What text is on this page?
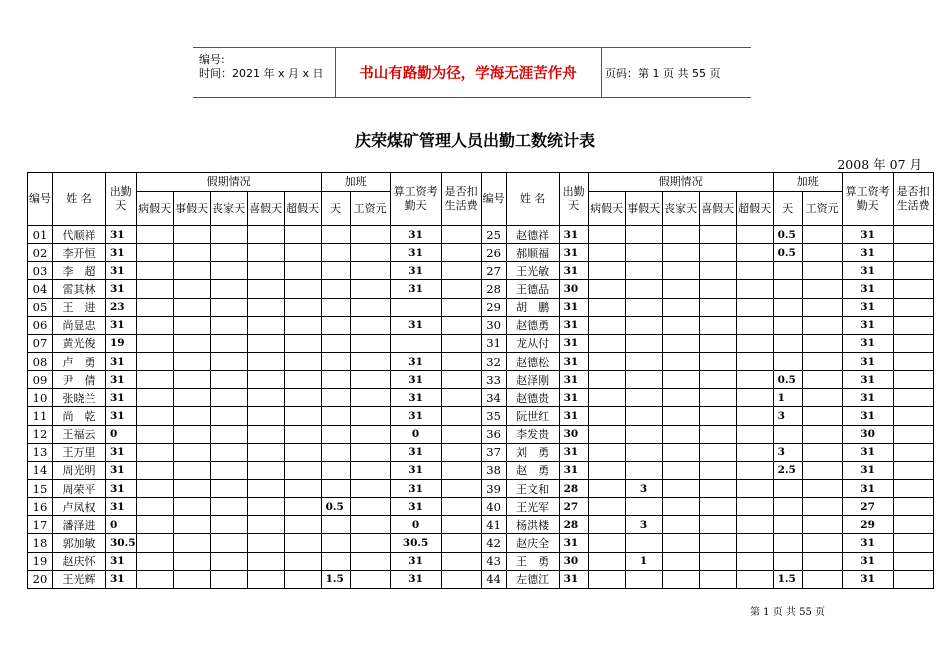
编号:
时间：2021 年 x 月 x 日	书山有路勤为径，学海无涯苦作舟	页码：第 1 页 共 55 页
庆荣煤矿管理人员出勤工数统计表
2008 年 07 月
编号	姓 名	出勤天	假期情况					加班		算工资考勤天	是否扣生活费	编号	姓 名	出勤天	假期情况					加班		算工资考勤天	是否扣生活费
			病假天	事假天	丧家天	喜假天	超假天	天	工资元						病假天	事假天	丧家天	喜假天	超假天	天	工资元		
01	代顺祥	31								31		25	赵德祥	31						0.5		31	
02	李开恒	31								31		26	郝顺福	31						0.5		31	
03	李　超	31								31		27	王光敏	31								31	
04	雷其林	31								31		28	王德品	30								31	
05	王　进	23										29	胡　鹏	31								31	
06	尚显忠	31								31		30	赵德勇	31								31	
07	黄光俊	19										31	龙从付	31								31	
08	卢　勇	31								31		32	赵德松	31								31	
09	尹　倩	31								31		33	赵泽刚	31						0.5		31	
10	张晓兰	31								31		34	赵德贵	31						1		31	
11	尚　乾	31								31		35	阮世红	31						3		31	
12	王福云	0								0		36	李发贵	30								30	
13	王万里	31								31		37	刘　勇	31						3		31	
14	周光明	31								31		38	赵　勇	31						2.5		31	
15	周荣平	31								31		39	王文和	28		3						31	
16	卢凤权	31						0.5		31		40	王光军	27								27	
17	潘泽进	0								0		41	杨洪楼	28		3						29	
18	郭加敏	30.5								30.5		42	赵庆全	31								31	
19	赵庆怀	31								31		43	王　勇	30		1						31	
20	王光辉	31						1.5		31		44	左德江	31						1.5		31	
第 1 页 共 55 页
